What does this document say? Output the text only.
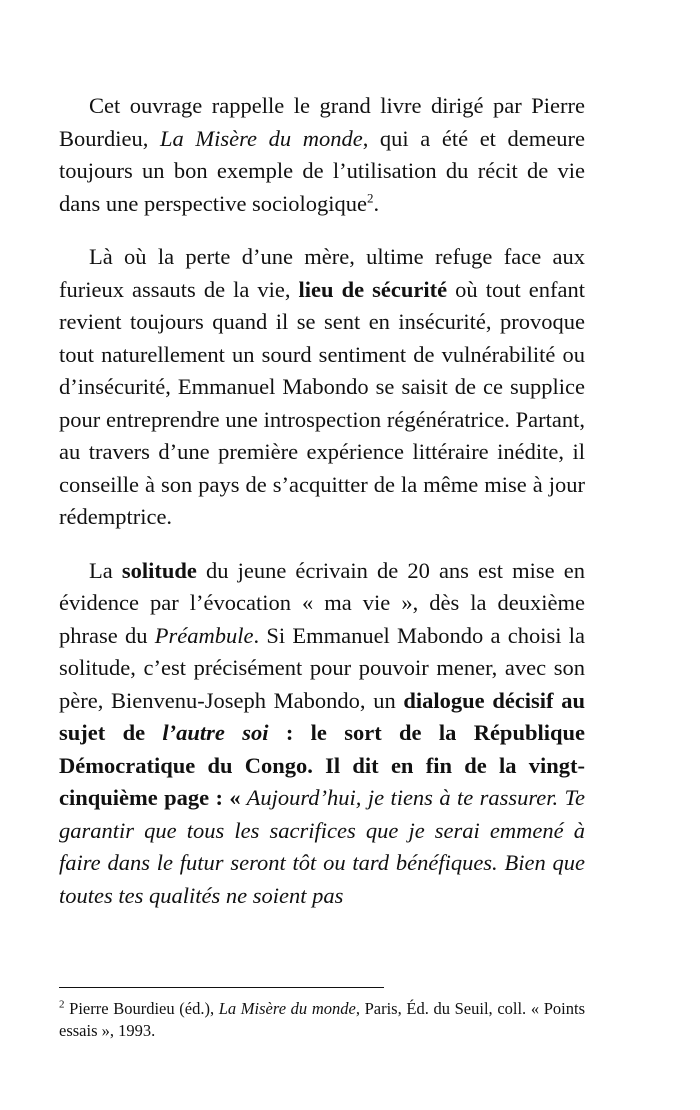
Cet ouvrage rappelle le grand livre dirigé par Pierre Bourdieu, La Misère du monde, qui a été et demeure toujours un bon exemple de l’utilisation du récit de vie dans une perspective sociologique$^2$.

Là où la perte d’une mère, ultime refuge face aux furieux assauts de la vie, lieu de sécurité où tout enfant revient toujours quand il se sent en insécurité, provoque tout naturellement un sourd sentiment de vulnérabilité ou d’insécurité, Emmanuel Mabondo se saisit de ce supplice pour entreprendre une introspection régénératrice. Partant, au travers d’une première expérience littéraire inédite, il conseille à son pays de s’acquitter de la même mise à jour rédemptrice.

La solitude du jeune écrivain de 20 ans est mise en évidence par l’évocation « ma vie », dès la deuxième phrase du Préambule. Si Emmanuel Mabondo a choisi la solitude, c’est précisément pour pouvoir mener, avec son père, Bienvenu-Joseph Mabondo, un dialogue décisif au sujet de l’autre soi : le sort de la République Démocratique du Congo. Il dit en fin de la vingt-cinquième page : « Aujourd’hui, je tiens à te rassurer. Te garantir que tous les sacrifices que je serai emmené à faire dans le futur seront tôt ou tard bénéfiques. Bien que toutes tes qualités ne soient pas

$^2$ Pierre Bourdieu (éd.), La Misère du monde, Paris, Éd. du Seuil, coll. « Points essais », 1993.
